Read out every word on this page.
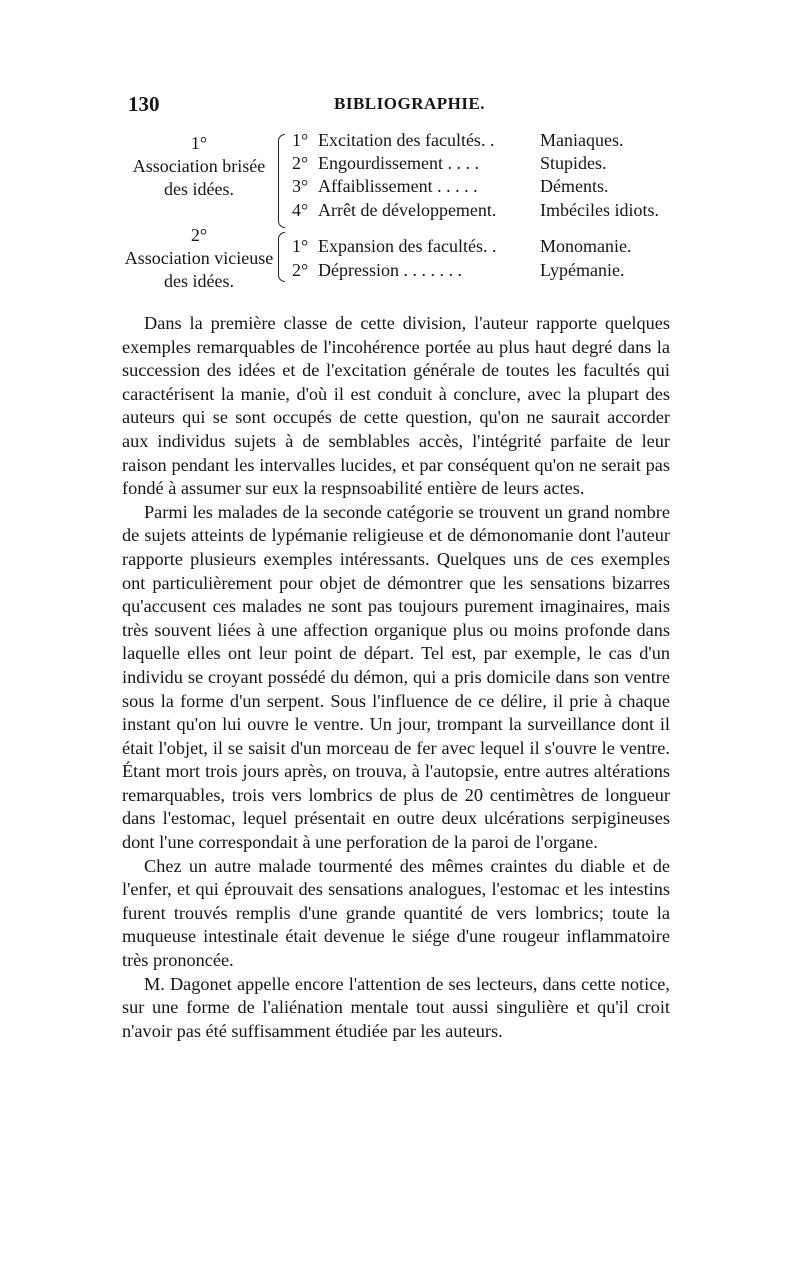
130	BIBLIOGRAPHIE.
1°
Association brisée
des idées.
1° Excitation des facultés. .	Maniaques.
2° Engourdissement . . . .	Stupides.
3° Affaiblissement . . . . .	Déments.
4° Arrêt de développement. Imbéciles idiots.
2°
Association vicieuse
des idées.
1° Expansion des facultés. . Monomanie.
2° Dépression . . . . . . .	Lypémanie.

Dans la première classe de cette division, l'auteur rapporte quelques exemples remarquables de l'incohérence portée au plus haut degré dans la succession des idées et de l'excitation générale de toutes les facultés qui caractérisent la manie, d'où il est conduit à conclure, avec la plupart des auteurs qui se sont occupés de cette question, qu'on ne saurait accorder aux individus sujets à de semblables accès, l'intégrité parfaite de leur raison pendant les intervalles lucides, et par conséquent qu'on ne serait pas fondé à assumer sur eux la respnsoabilité entière de leurs actes.

Parmi les malades de la seconde catégorie se trouvent un grand nombre de sujets atteints de lypémanie religieuse et de démonomanie dont l'auteur rapporte plusieurs exemples intéressants. Quelques uns de ces exemples ont particulièrement pour objet de démontrer que les sensations bizarres qu'accusent ces malades ne sont pas toujours purement imaginaires, mais très souvent liées à une affection organique plus ou moins profonde dans laquelle elles ont leur point de départ. Tel est, par exemple, le cas d'un individu se croyant possédé du démon, qui a pris domicile dans son ventre sous la forme d'un serpent. Sous l'influence de ce délire, il prie à chaque instant qu'on lui ouvre le ventre. Un jour, trompant la surveillance dont il était l'objet, il se saisit d'un morceau de fer avec lequel il s'ouvre le ventre. Étant mort trois jours après, on trouva, à l'autopsie, entre autres altérations remarquables, trois vers lombrics de plus de 20 centimètres de longueur dans l'estomac, lequel présentait en outre deux ulcérations serpigineuses dont l'une correspondait à une perforation de la paroi de l'organe.

Chez un autre malade tourmenté des mêmes craintes du diable et de l'enfer, et qui éprouvait des sensations analogues, l'estomac et les intestins furent trouvés remplis d'une grande quantité de vers lombrics; toute la muqueuse intestinale était devenue le siége d'une rougeur inflammatoire très prononcée.

M. Dagonet appelle encore l'attention de ses lecteurs, dans cette notice, sur une forme de l'aliénation mentale tout aussi singulière et qu'il croit n'avoir pas été suffisamment étudiée par les auteurs.
